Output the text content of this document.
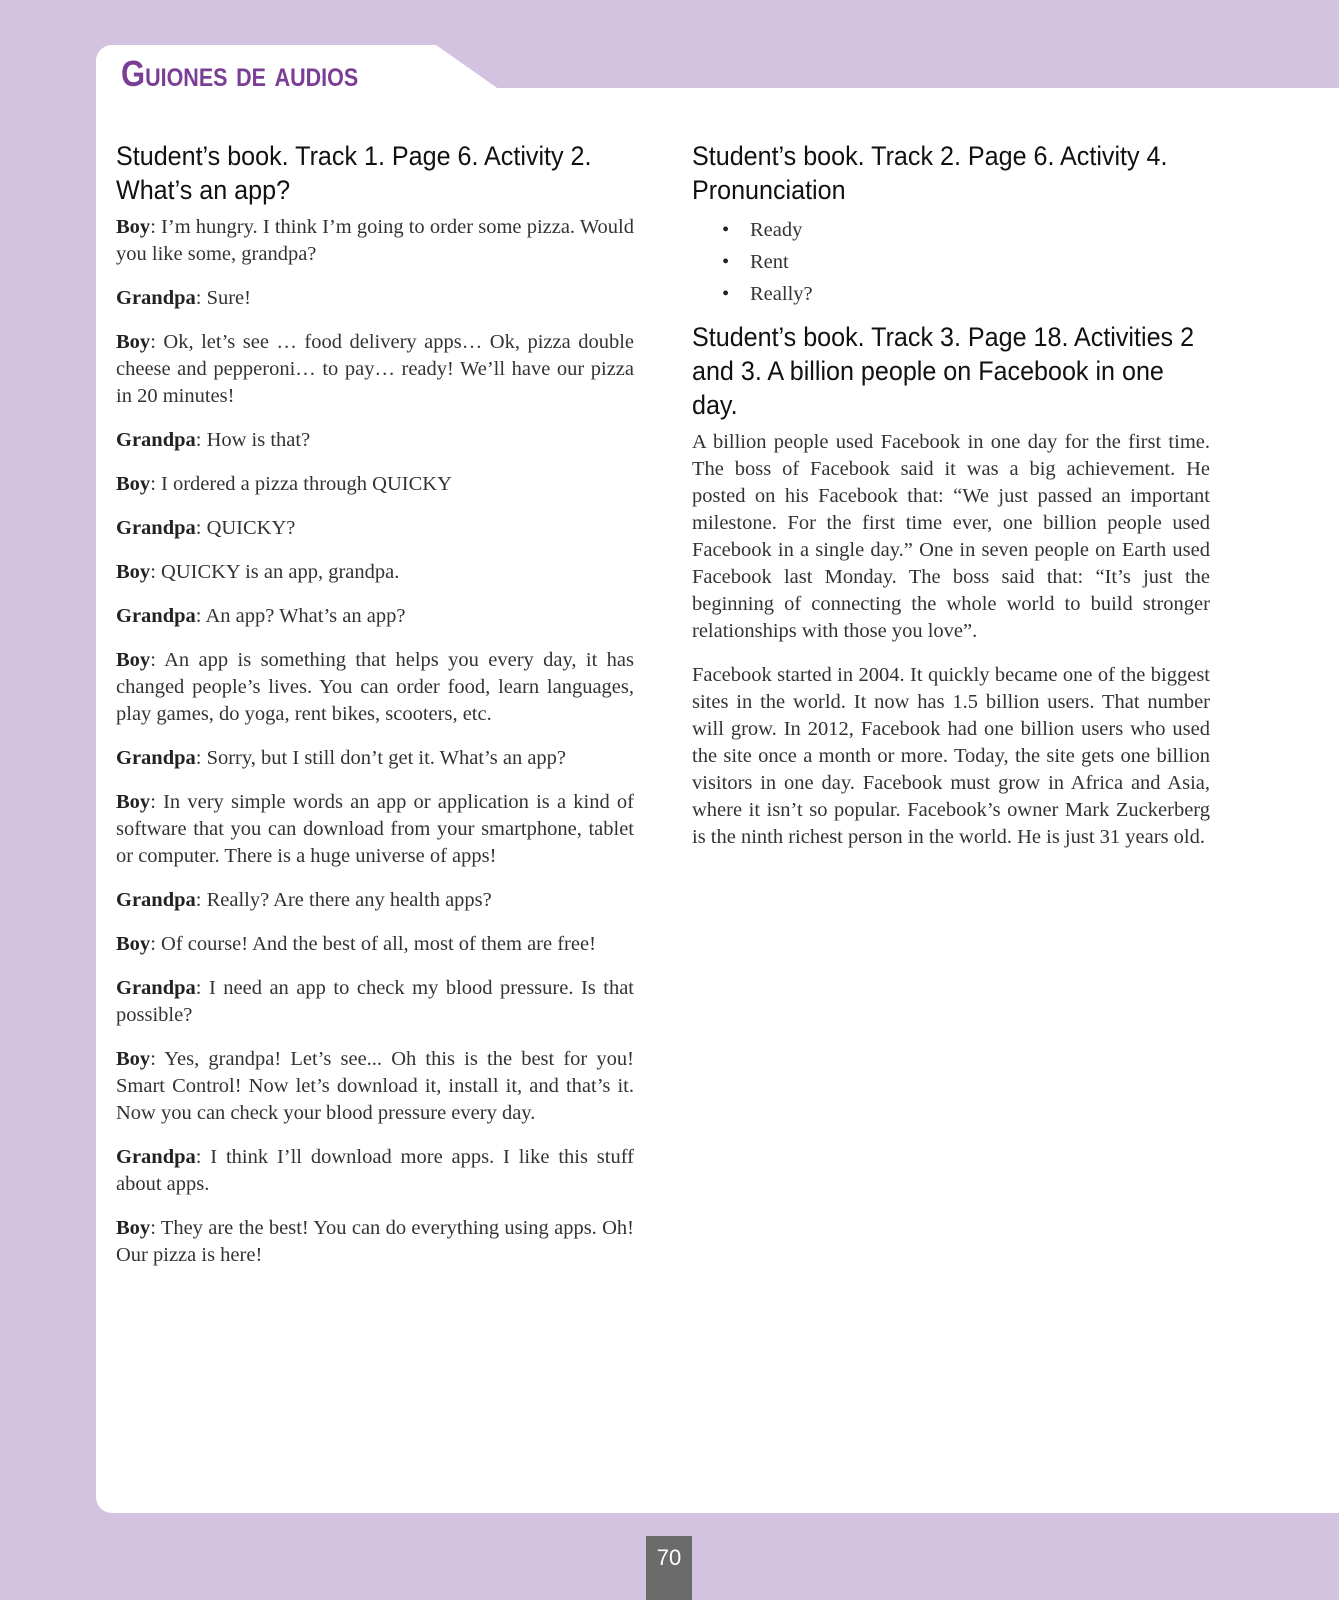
Guiones de audios
Student’s book. Track 1. Page 6. Activity 2. What’s an app?

Boy: I’m hungry. I think I’m going to order some pizza. Would you like some, grandpa?

Grandpa: Sure!

Boy: Ok, let’s see … food delivery apps… Ok, pizza double cheese and pepperoni… to pay… ready! We’ll have our pizza in 20 minutes!

Grandpa: How is that?

Boy: I ordered a pizza through QUICKY

Grandpa: QUICKY?

Boy: QUICKY is an app, grandpa.

Grandpa: An app? What’s an app?

Boy: An app is something that helps you every day, it has changed people’s lives. You can order food, learn languages, play games, do yoga, rent bikes, scooters, etc.

Grandpa: Sorry, but I still don’t get it. What’s an app?

Boy: In very simple words an app or application is a kind of software that you can download from your smartphone, tablet or computer. There is a huge universe of apps!

Grandpa: Really? Are there any health apps?

Boy: Of course! And the best of all, most of them are free!

Grandpa: I need an app to check my blood pressure. Is that possible?

Boy: Yes, grandpa! Let’s see... Oh this is the best for you! Smart Control! Now let’s download it, install it, and that’s it. Now you can check your blood pressure every day.

Grandpa: I think I’ll download more apps. I like this stuff about apps.

Boy: They are the best! You can do everything using apps. Oh! Our pizza is here!

Student’s book. Track 2. Page 6. Activity 4. Pronunciation
• Ready
• Rent
• Really?
Student’s book. Track 3. Page 18. Activities 2 and 3. A billion people on Facebook in one day.

A billion people used Facebook in one day for the first time. The boss of Facebook said it was a big achievement. He posted on his Facebook that: “We just passed an important milestone. For the first time ever, one billion people used Facebook in a single day.” One in seven people on Earth used Facebook last Monday. The boss said that: “It’s just the beginning of connecting the whole world to build stronger relationships with those you love”.

Facebook started in 2004. It quickly became one of the biggest sites in the world. It now has 1.5 billion users. That number will grow. In 2012, Facebook had one billion users who used the site once a month or more. Today, the site gets one billion visitors in one day. Facebook must grow in Africa and Asia, where it isn’t so popular. Facebook’s owner Mark Zuckerberg is the ninth richest person in the world. He is just 31 years old.

70
